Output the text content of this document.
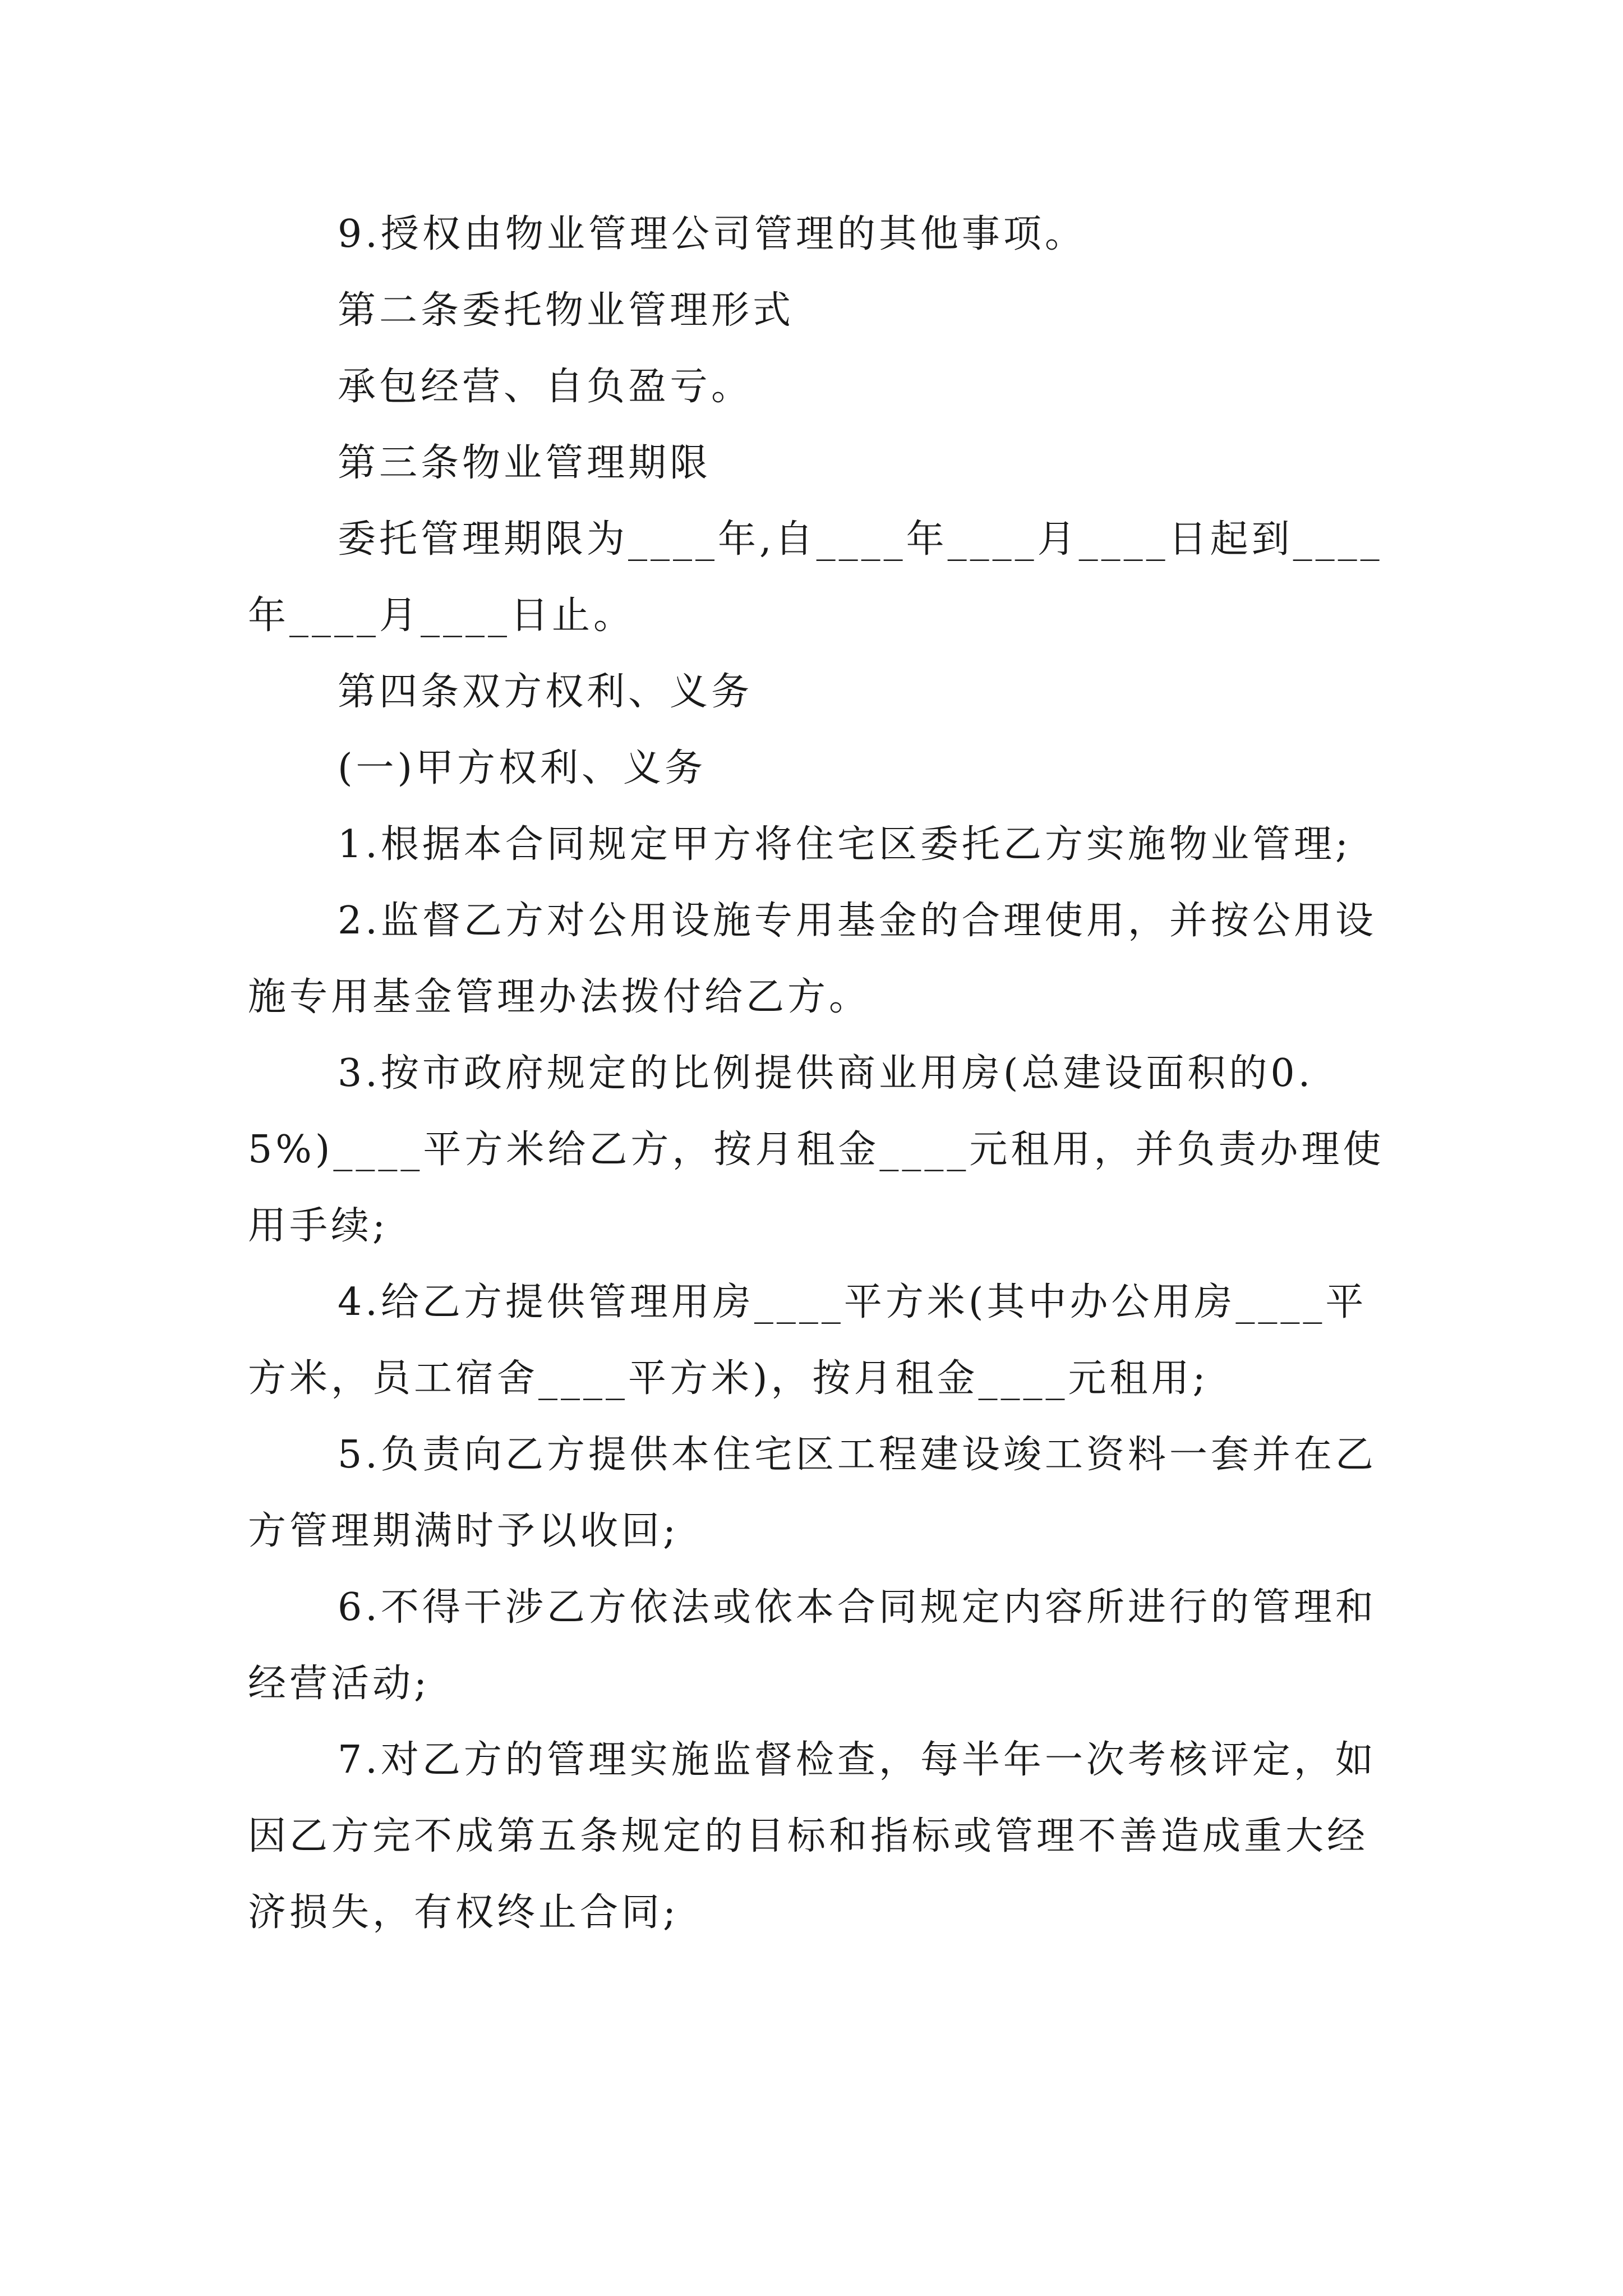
9.授权由物业管理公司管理的其他事项。

第二条委托物业管理形式

承包经营、自负盈亏。

第三条物业管理期限

委托管理期限为____年,自____年____月____日起到____年____月____日止。

第四条双方权利、义务

(一)甲方权利、义务

1.根据本合同规定甲方将住宅区委托乙方实施物业管理;

2.监督乙方对公用设施专用基金的合理使用，并按公用设施专用基金管理办法拨付给乙方。

3.按市政府规定的比例提供商业用房(总建设面积的0.5%)____平方米给乙方，按月租金____元租用，并负责办理使用手续;

4.给乙方提供管理用房____平方米(其中办公用房____平方米，员工宿舍____平方米)，按月租金____元租用;

5.负责向乙方提供本住宅区工程建设竣工资料一套并在乙方管理期满时予以收回;

6.不得干涉乙方依法或依本合同规定内容所进行的管理和经营活动;

7.对乙方的管理实施监督检查，每半年一次考核评定，如因乙方完不成第五条规定的目标和指标或管理不善造成重大经济损失，有权终止合同;
